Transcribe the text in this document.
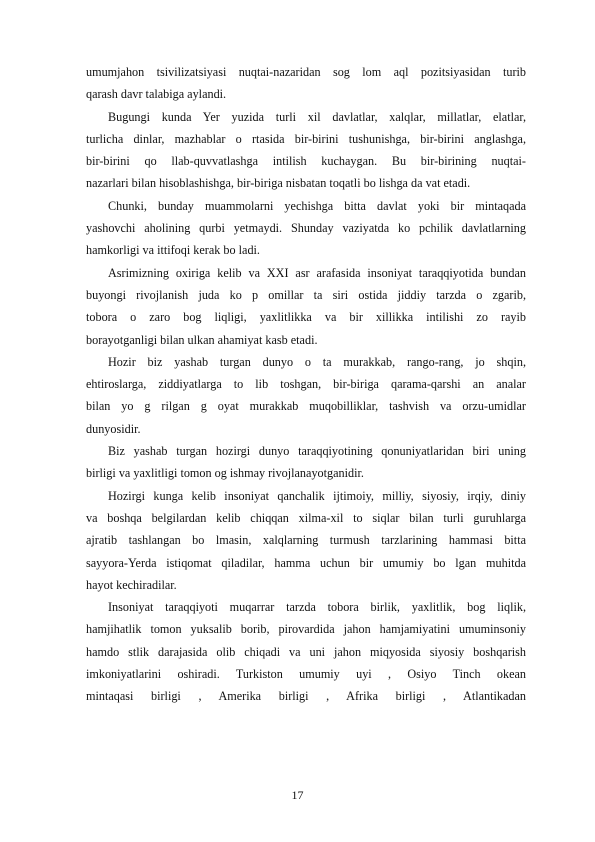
umumjahon tsivilizatsiyasi nuqtai-nazaridan sog lom aql pozitsiyasidan turib
qarash davr talabiga aylandi.
Bugungi kunda Yer yuzida turli xil davlatlar, xalqlar, millatlar, elatlar,
turlicha dinlar, mazhablar o rtasida bir-birini tushunishga, bir-birini anglashga,
bir-birini qo llab-quvvatlashga intilish kuchaygan. Bu bir-birining nuqtai-
nazarlari bilan hisoblashishga, bir-biriga nisbatan toqatli bo lishga da vat etadi.
Chunki, bunday muammolarni yechishga bitta davlat yoki bir mintaqada
yashovchi aholining qurbi yetmaydi. Shunday vaziyatda ko pchilik davlatlarning
hamkorligi va ittifoqi kerak bo ladi.
Asrimizning oxiriga kelib va XXI asr arafasida insoniyat taraqqiyotida bundan
buyongi rivojlanish juda ko p omillar ta siri ostida jiddiy tarzda o zgarib,
tobora o zaro bog liqligi, yaxlitlikka va bir xillikka intilishi zo rayib
borayotganligi bilan ulkan ahamiyat kasb etadi.
Hozir biz yashab turgan dunyo o ta murakkab, rango-rang, jo shqin,
ehtiroslarga, ziddiyatlarga to lib toshgan, bir-biriga qarama-qarshi an analar
bilan yo g rilgan g oyat murakkab muqobilliklar, tashvish va orzu-umidlar
dunyosidir.
Biz yashab turgan hozirgi dunyo taraqqiyotining qonuniyatlaridan biri uning
birligi va yaxlitligi tomon og ishmay rivojlanayotganidir.
Hozirgi kunga kelib insoniyat qanchalik ijtimoiy, milliy, siyosiy, irqiy, diniy
va boshqa belgilardan kelib chiqqan xilma-xil to siqlar bilan turli guruhlarga
ajratib tashlangan bo lmasin, xalqlarning turmush tarzlarining hammasi bitta
sayyora-Yerda istiqomat qiladilar, hamma uchun bir umumiy bo lgan muhitda
hayot kechiradilar.
Insoniyat taraqqiyoti muqarrar tarzda tobora birlik, yaxlitlik, bog liqlik,
hamjihatlik tomon yuksalib borib, pirovardida jahon hamjamiyatini umuminsoniy
hamdo stlik darajasida olib chiqadi va uni jahon miqyosida siyosiy boshqarish
imkoniyatlarini oshiradi. Turkiston umumiy uyi , Osiyo Tinch okean
mintaqasi birligi , Amerika birligi , Afrika birligi , Atlantikadan
17
